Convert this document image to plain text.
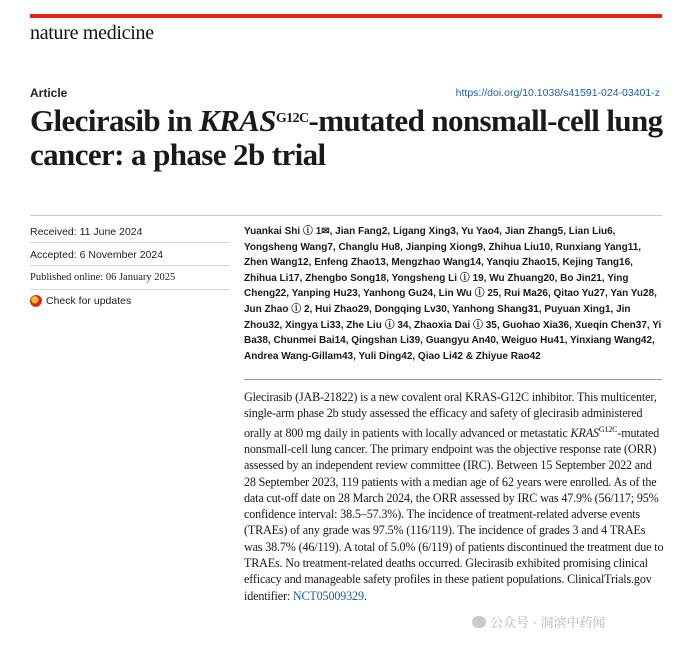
nature medicine
Article	https://doi.org/10.1038/s41591-024-03401-z
Glecirasib in $KRAS^{G12C}$-mutated nonsmall-cell lung cancer: a phase 2b trial
Received: 11 June 2024
Accepted: 6 November 2024
Published online: 06 January 2025
Check for updates

Yuankai Shi ⓘ 1✉, Jian Fang2, Ligang Xing3, Yu Yao4, Jian Zhang5, Lian Liu6, Yongsheng Wang7, Changlu Hu8, Jianping Xiong9, Zhihua Liu10, Runxiang Yang11, Zhen Wang12, Enfeng Zhao13, Mengzhao Wang14, Yanqiu Zhao15, Kejing Tang16, Zhihua Li17, Zhengbo Song18, Yongsheng Li ⓘ 19, Wu Zhuang20, Bo Jin21, Ying Cheng22, Yanping Hu23, Yanhong Gu24, Lin Wu ⓘ 25, Rui Ma26, Qitao Yu27, Yan Yu28, Jun Zhao ⓘ 2, Hui Zhao29, Dongqing Lv30, Yanhong Shang31, Puyuan Xing1, Jin Zhou32, Xingya Li33, Zhe Liu ⓘ 34, Zhaoxia Dai ⓘ 35, Guohao Xia36, Xueqin Chen37, Yi Ba38, Chunmei Bai14, Qingshan Li39, Guangyu An40, Weiguo Hu41, Yinxiang Wang42, Andrea Wang-Gillam43, Yuli Ding42, Qiao Li42 & Zhiyue Rao42

Glecirasib (JAB-21822) is a new covalent oral KRAS-G12C inhibitor. This multicenter, single-arm phase 2b study assessed the efficacy and safety of glecirasib administered orally at 800 mg daily in patients with locally advanced or metastatic $KRAS^{G12C}$-mutated nonsmall-cell lung cancer. The primary endpoint was the objective response rate (ORR) assessed by an independent review committee (IRC). Between 15 September 2022 and 28 September 2023, 119 patients with a median age of 62 years were enrolled. As of the data cut-off date on 28 March 2024, the ORR assessed by IRC was 47.9% (56/117; 95% confidence interval: 38.5–57.3%). The incidence of treatment-related adverse events (TRAEs) of any grade was 97.5% (116/119). The incidence of grades 3 and 4 TRAEs was 38.7% (46/119). A total of 5.0% (6/119) of patients discontinued the treatment due to TRAEs. No treatment-related deaths occurred. Glecirasib exhibited promising clinical efficacy and manageable safety profiles in these patient populations. ClinicalTrials.gov identifier: NCT05009329.

公众号 · 洞滨中药闻
